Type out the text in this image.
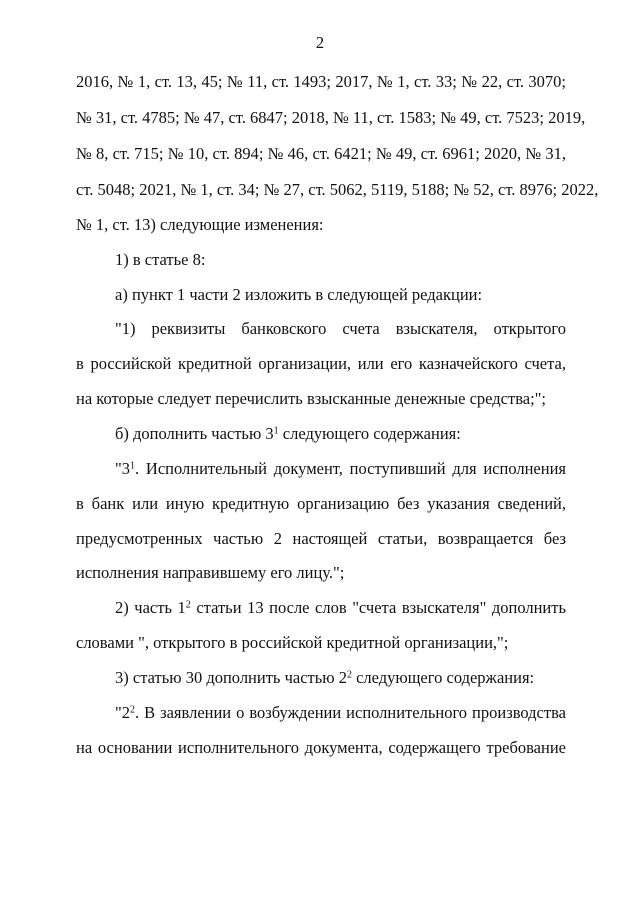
2
2016, № 1, ст. 13, 45; № 11, ст. 1493; 2017, № 1, ст. 33; № 22, ст. 3070;
№ 31, ст. 4785; № 47, ст. 6847; 2018, № 11, ст. 1583; № 49, ст. 7523; 2019,
№ 8, ст. 715; № 10, ст. 894; № 46, ст. 6421; № 49, ст. 6961; 2020, № 31,
ст. 5048; 2021, № 1, ст. 34; № 27, ст. 5062, 5119, 5188; № 52, ст. 8976; 2022,
№ 1, ст. 13) следующие изменения:
1) в статье 8:
а) пункт 1 части 2 изложить в следующей редакции:
"1) реквизиты банковского счета взыскателя, открытого
в российской кредитной организации, или его казначейского счета,
на которые следует перечислить взысканные денежные средства;";
б) дополнить частью $3^1$ следующего содержания:
"$3^1$. Исполнительный документ, поступивший для исполнения
в банк или иную кредитную организацию без указания сведений,
предусмотренных частью 2 настоящей статьи, возвращается без
исполнения направившему его лицу.";
2) часть $1^2$ статьи 13 после слов "счета взыскателя" дополнить
словами ", открытого в российской кредитной организации,";
3) статью 30 дополнить частью $2^2$ следующего содержания:
"$2^2$. В заявлении о возбуждении исполнительного производства
на основании исполнительного документа, содержащего требование
